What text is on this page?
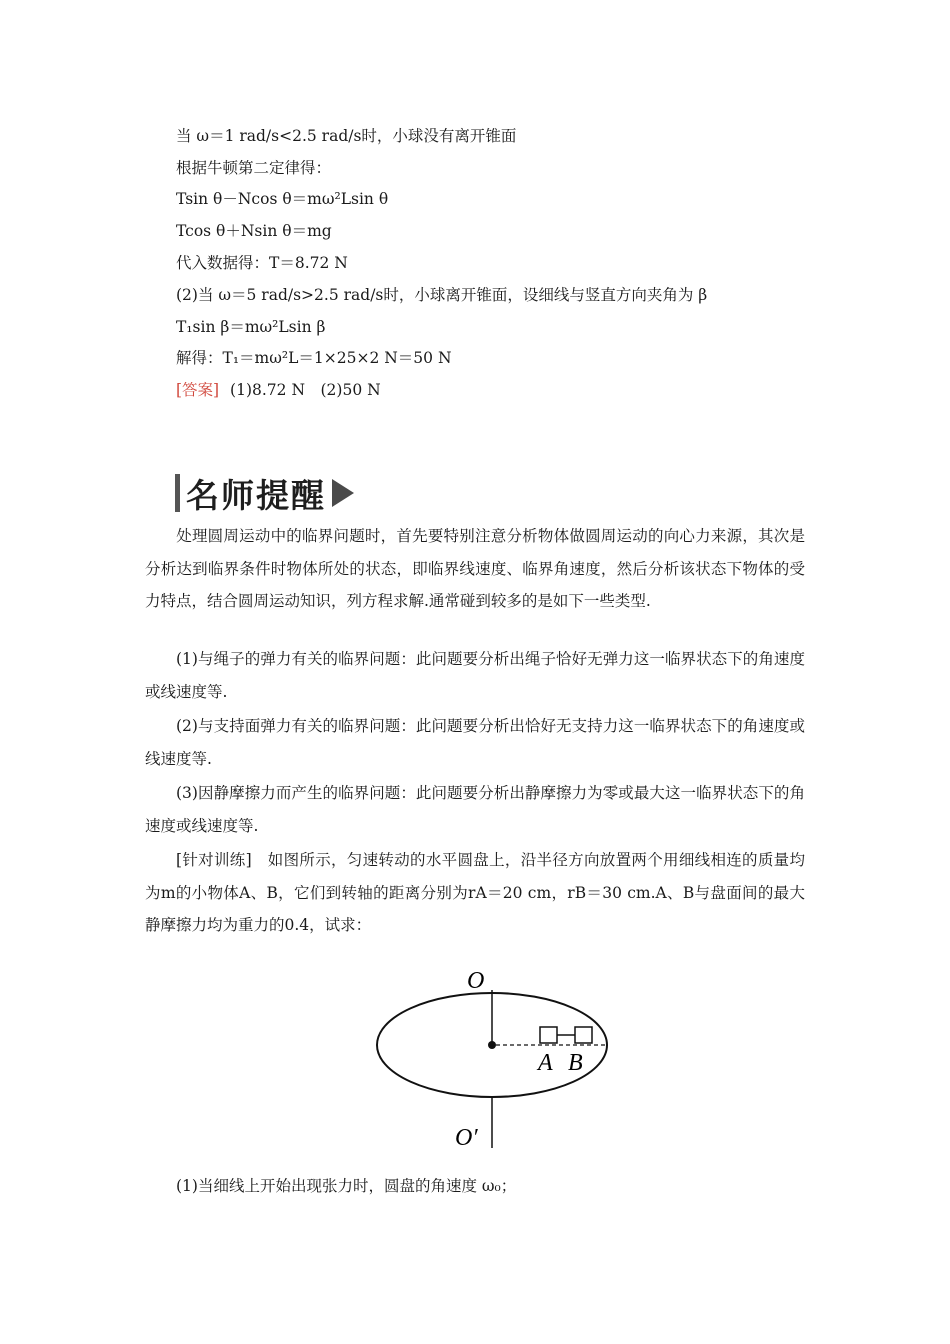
当 ω＝1 rad/s<2.5 rad/s时，小球没有离开锥面
根据牛顿第二定律得：
Tsin θ－Ncos θ＝mω²Lsin θ
Tcos θ＋Nsin θ＝mg
代入数据得：T＝8.72 N
(2)当 ω＝5 rad/s>2.5 rad/s时，小球离开锥面，设细线与竖直方向夹角为 β
T₁sin β＝mω²Lsin β
解得：T₁＝mω²L＝1×25×2 N＝50 N
[答案] (1)8.72 N　(2)50 N
名师提醒
处理圆周运动中的临界问题时，首先要特别注意分析物体做圆周运动的向心力来源，其次是分析达到临界条件时物体所处的状态，即临界线速度、临界角速度，然后分析该状态下物体的受力特点，结合圆周运动知识，列方程求解.通常碰到较多的是如下一些类型.
(1)与绳子的弹力有关的临界问题：此问题要分析出绳子恰好无弹力这一临界状态下的角速度或线速度等.
(2)与支持面弹力有关的临界问题：此问题要分析出恰好无支持力这一临界状态下的角速度或线速度等.
(3)因静摩擦力而产生的临界问题：此问题要分析出静摩擦力为零或最大这一临界状态下的角速度或线速度等.
[针对训练]　如图所示，匀速转动的水平圆盘上，沿半径方向放置两个用细线相连的质量均为m的小物体A、B，它们到转轴的距离分别为rA＝20 cm，rB＝30 cm.A、B与盘面间的最大静摩擦力均为重力的0.4，试求：
O
A B
O′
(1)当细线上开始出现张力时，圆盘的角速度 ω₀；
